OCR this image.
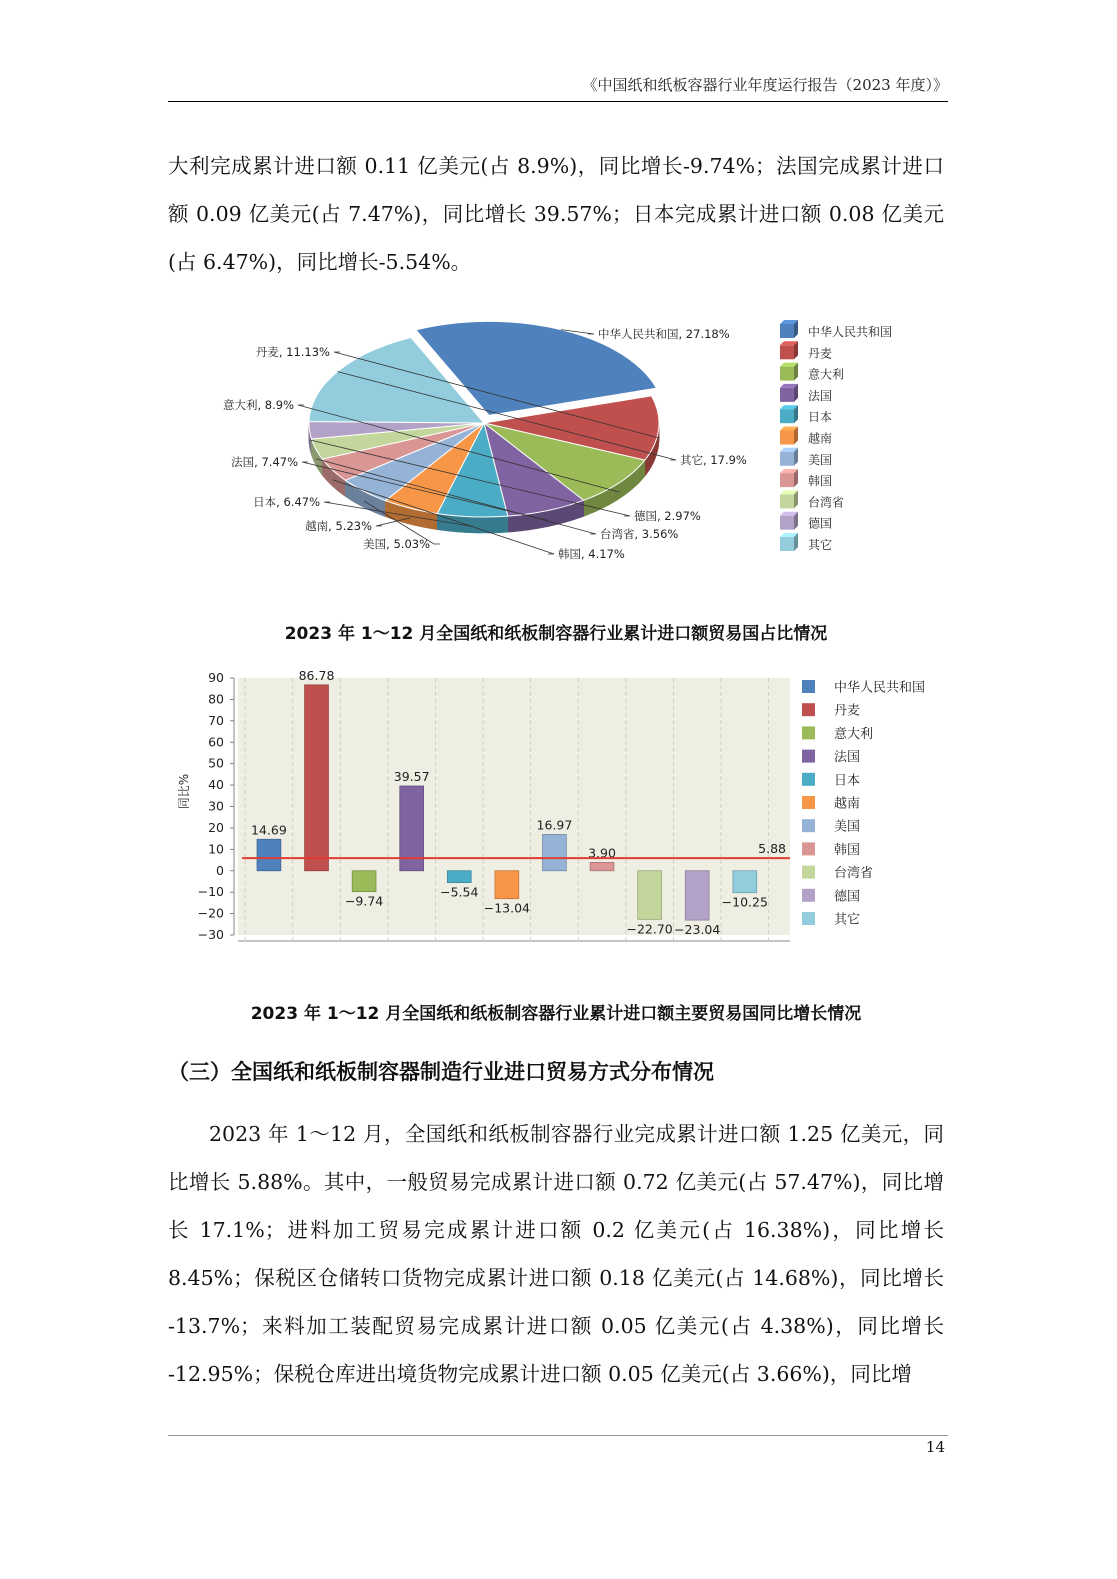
《中国纸和纸板容器行业年度运行报告（2023 年度）》

大利完成累计进口额 0.11 亿美元(占 8.9%)，同比增长-9.74%；法国完成累计进口额 0.09 亿美元(占 7.47%)，同比增长 39.57%；日本完成累计进口额 0.08 亿美元(占 6.47%)，同比增长-5.54%。

中华人民共和国, 27.18%
丹麦, 11.13%
意大利, 8.9%
法国, 7.47%
日本, 6.47%
越南, 5.23%
美国, 5.03%
韩国, 4.17%
台湾省, 3.56%
德国, 2.97%
其它, 17.9%
中华人民共和国
丹麦
意大利
法国
日本
越南
美国
韩国
台湾省
德国
其它
2023 年 1～12 月全国纸和纸板制容器行业累计进口额贸易国占比情况
90
80
70
60
50
40
30
20
10
0
−10
−20
−30
同比%
14.69
86.78
−9.74
39.57
−5.54
−13.04
16.97
3.90
−22.70 −23.04
−10.25
5.88
中华人民共和国
丹麦
意大利
法国
日本
越南
美国
韩国
台湾省
德国
其它
2023 年 1～12 月全国纸和纸板制容器行业累计进口额主要贸易国同比增长情况
（三）全国纸和纸板制容器制造行业进口贸易方式分布情况

2023 年 1～12 月，全国纸和纸板制容器行业完成累计进口额 1.25 亿美元，同比增长 5.88%。其中，一般贸易完成累计进口额 0.72 亿美元(占 57.47%)，同比增长 17.1%；进料加工贸易完成累计进口额 0.2 亿美元(占 16.38%)，同比增长 8.45%；保税区仓储转口货物完成累计进口额 0.18 亿美元(占 14.68%)，同比增长 -13.7%；来料加工装配贸易完成累计进口额 0.05 亿美元(占 4.38%)，同比增长 -12.95%；保税仓库进出境货物完成累计进口额 0.05 亿美元(占 3.66%)，同比增

14
